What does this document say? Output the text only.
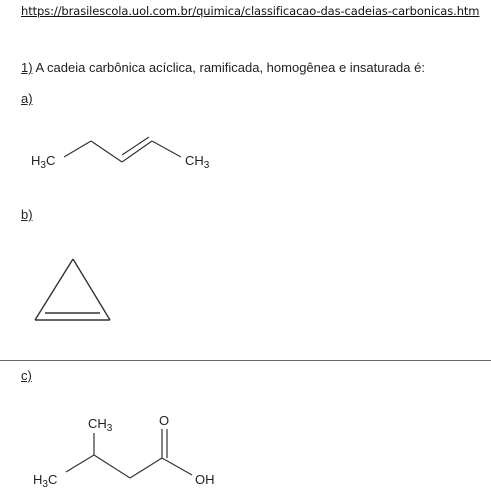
https://brasilescola.uol.com.br/quimica/classificacao-das-cadeias-carbonicas.htm
1) A cadeia carbônica acíclica, ramificada, homogênea e insaturada é:
a)
$H_3C$	$CH_3$
b)
c)
$CH_3$
O
OH
$H_3C$
